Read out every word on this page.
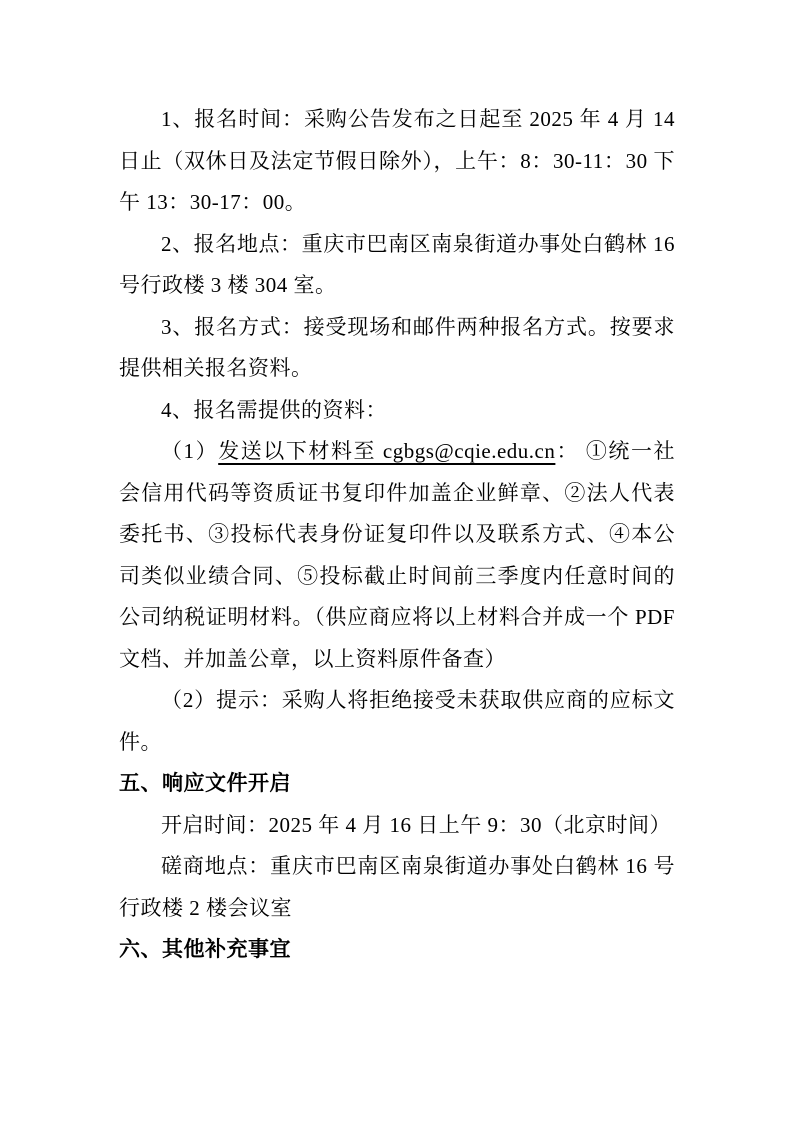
1、报名时间：采购公告发布之日起至 2025 年 4 月 14 日止（双休日及法定节假日除外），上午：8：30-11：30 下午 13：30-17：00。

2、报名地点：重庆市巴南区南泉街道办事处白鹤林 16 号行政楼 3 楼 304 室。

3、报名方式：接受现场和邮件两种报名方式。按要求提供相关报名资料。

4、报名需提供的资料：

（1）发送以下材料至 cgbgs@cqie.edu.cn： ①统一社会信用代码等资质证书复印件加盖企业鲜章、②法人代表委托书、③投标代表身份证复印件以及联系方式、④本公司类似业绩合同、⑤投标截止时间前三季度内任意时间的公司纳税证明材料。（供应商应将以上材料合并成一个 PDF 文档、并加盖公章，以上资料原件备查）

（2）提示：采购人将拒绝接受未获取供应商的应标文件。

五、响应文件开启

开启时间：2025 年 4 月 16 日上午 9：30（北京时间）

磋商地点：重庆市巴南区南泉街道办事处白鹤林 16 号行政楼 2 楼会议室

六、其他补充事宜
